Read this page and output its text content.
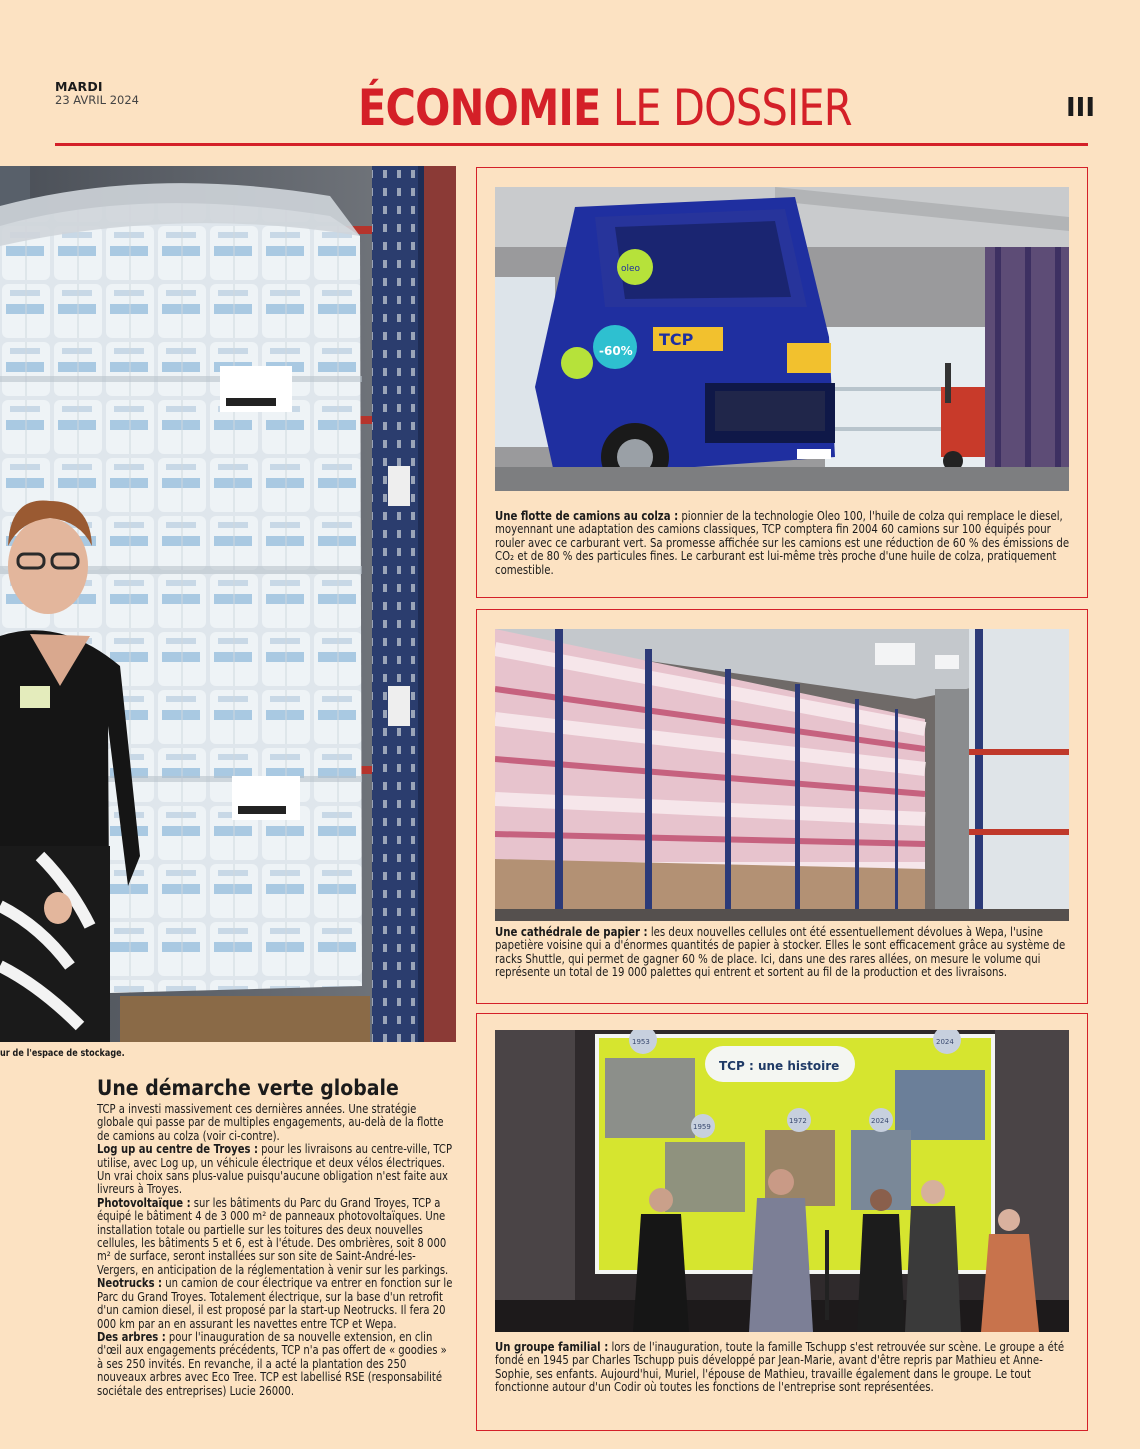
MARDI
23 AVRIL 2024	ÉCONOMIE LE DOSSIER	III
ur de l'espace de stockage.
Une démarche verte globale

TCP a investi massivement ces dernières années. Une stratégie globale qui passe par de multiples engagements, au-delà de la flotte de camions au colza (voir ci-contre).

Log up au centre de Troyes : pour les livraisons au centre-ville, TCP utilise, avec Log up, un véhicule électrique et deux vélos électriques. Un vrai choix sans plus-value puisqu'aucune obligation n'est faite aux livreurs à Troyes.

Photovoltaïque : sur les bâtiments du Parc du Grand Troyes, TCP a équipé le bâtiment 4 de 3 000 m² de panneaux photovoltaïques. Une installation totale ou partielle sur les toitures des deux nouvelles cellules, les bâtiments 5 et 6, est à l'étude. Des ombrières, soit 8 000 m² de surface, seront installées sur son site de Saint-André-les-Vergers, en anticipation de la réglementation à venir sur les parkings.

Neotrucks : un camion de cour électrique va entrer en fonction sur le Parc du Grand Troyes. Totalement électrique, sur la base d'un retrofit d'un camion diesel, il est proposé par la start-up Neotrucks. Il fera 20 000 km par an en assurant les navettes entre TCP et Wepa.

Des arbres : pour l'inauguration de sa nouvelle extension, en clin d'œil aux engagements précédents, TCP n'a pas offert de « goodies » à ses 250 invités. En revanche, il a acté la plantation des 250 nouveaux arbres avec Eco Tree. TCP est labellisé RSE (responsabilité sociétale des entreprises) Lucie 26000.

-60%
oleo
TCP
Une flotte de camions au colza : pionnier de la technologie Oleo 100, l'huile de colza qui remplace le diesel, moyennant une adaptation des camions classiques, TCP comptera fin 2004 60 camions sur 100 équipés pour rouler avec ce carburant vert. Sa promesse affichée sur les camions est une réduction de 60 % des émissions de CO₂ et de 80 % des particules fines. Le carburant est lui-même très proche d'une huile de colza, pratiquement comestible.
Une cathédrale de papier : les deux nouvelles cellules ont été essentuellement dévolues à Wepa, l'usine papetière voisine qui a d'énormes quantités de papier à stocker. Elles le sont efficacement grâce au système de racks Shuttle, qui permet de gagner 60 % de place. Ici, dans une des rares allées, on mesure le volume qui représente un total de 19 000 palettes qui entrent et sortent au fil de la production et des livraisons.
TCP : une histoire
1953	2024
1959
1972	2024
Un groupe familial : lors de l'inauguration, toute la famille Tschupp s'est retrouvée sur scène. Le groupe a été fondé en 1945 par Charles Tschupp puis développé par Jean-Marie, avant d'être repris par Mathieu et Anne-Sophie, ses enfants. Aujourd'hui, Muriel, l'épouse de Mathieu, travaille également dans le groupe. Le tout fonctionne autour d'un Codir où toutes les fonctions de l'entreprise sont représentées.
